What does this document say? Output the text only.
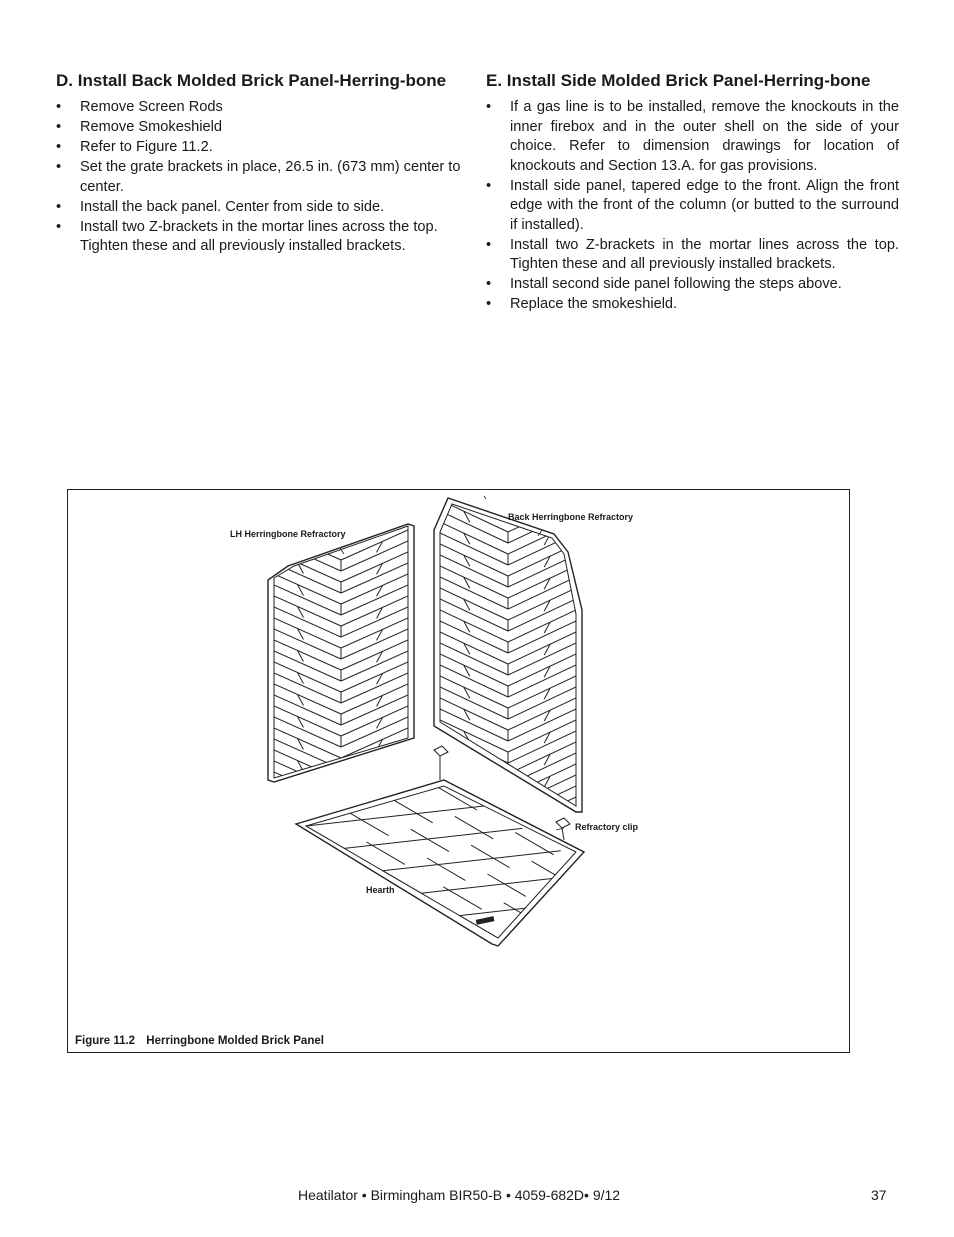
D. Install Back Molded Brick Panel-Herring-bone
• Remove Screen Rods
• Remove Smokeshield
• Refer to Figure 11.2.
• Set the grate brackets in place, 26.5 in. (673 mm) center to center.
• Install the back panel. Center from side to side.
• Install two Z-brackets in the mortar lines across the top. Tighten these and all previously installed brackets.
E. Install Side Molded Brick Panel-Herring-bone
• If a gas line is to be installed, remove the knockouts in the inner firebox and in the outer shell on the side of your choice. Refer to dimension drawings for location of knockouts and Section 13.A. for gas provisions.
• Install side panel, tapered edge to the front. Align the front edge with the front of the column (or butted to the surround if installed).
• Install two Z-brackets in the mortar lines across the top. Tighten these and all previously installed brackets.
• Install second side panel following the steps above.
• Replace the smokeshield.
LH Herringbone Refractory
Back Herringbone Refractory
Refractory clip
Hearth
Figure 11.2 Herringbone Molded Brick Panel
Heatilator • Birmingham BIR50-B • 4059-682D• 9/12	37
